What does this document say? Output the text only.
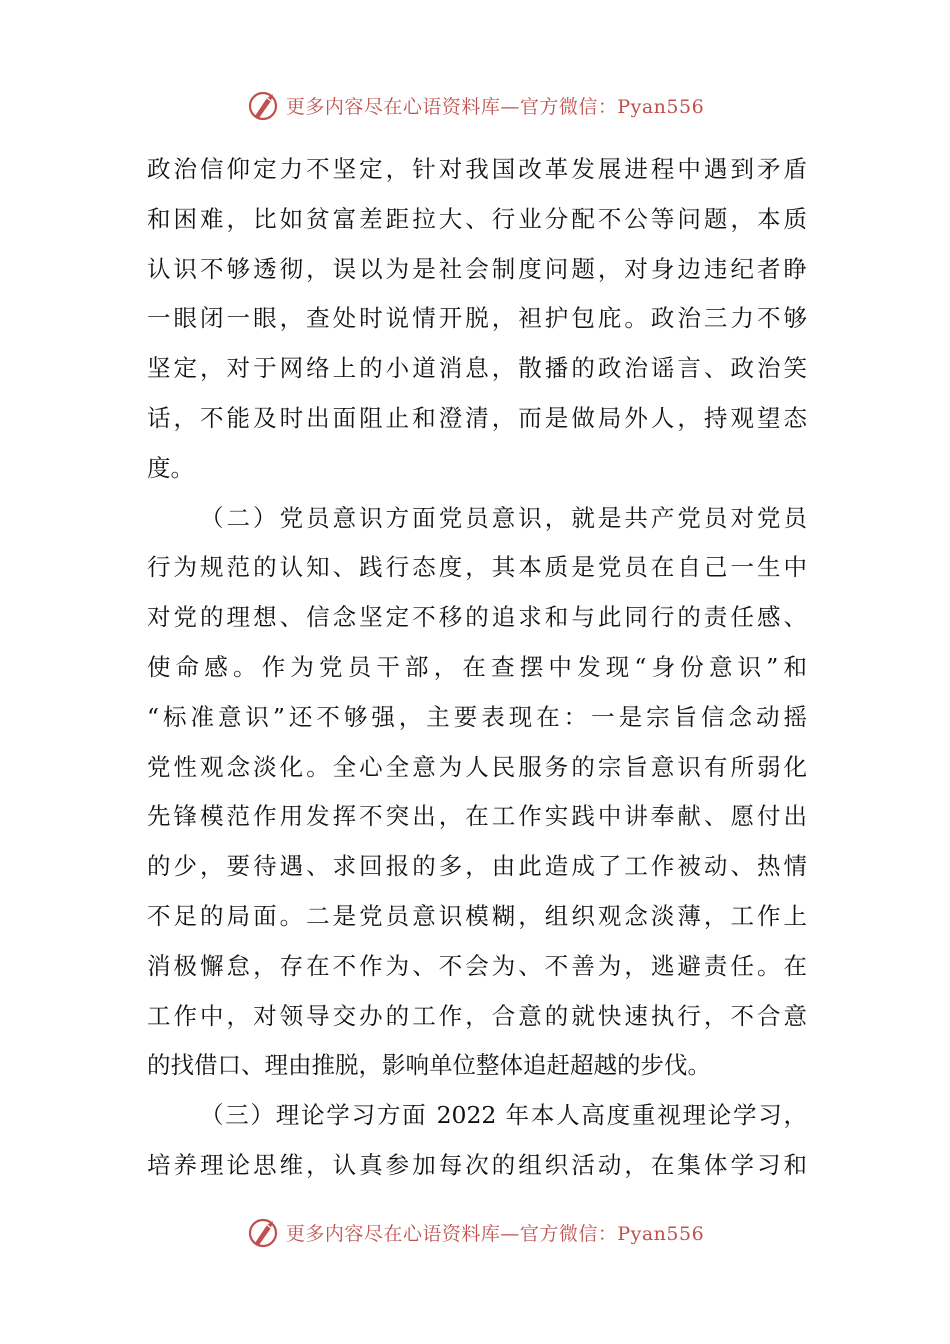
更多内容尽在心语资料库—官方微信：Pyan556
政治信仰定力不坚定，针对我国改革发展进程中遇到矛盾
和困难，比如贫富差距拉大、行业分配不公等问题，本质
认识不够透彻，误以为是社会制度问题，对身边违纪者睁
一眼闭一眼，查处时说情开脱，袒护包庇。政治三力不够
坚定，对于网络上的小道消息，散播的政治谣言、政治笑
话，不能及时出面阻止和澄清，而是做局外人，持观望态
度。
（二）党员意识方面党员意识，就是共产党员对党员
行为规范的认知、践行态度，其本质是党员在自己一生中
对党的理想、信念坚定不移的追求和与此同行的责任感、
使命感。作为党员干部，在查摆中发现“身份意识”和
“标准意识”还不够强，主要表现在：一是宗旨信念动摇
党性观念淡化。全心全意为人民服务的宗旨意识有所弱化
先锋模范作用发挥不突出，在工作实践中讲奉献、愿付出
的少，要待遇、求回报的多，由此造成了工作被动、热情
不足的局面。二是党员意识模糊，组织观念淡薄，工作上
消极懈怠，存在不作为、不会为、不善为，逃避责任。在
工作中，对领导交办的工作，合意的就快速执行，不合意
的找借口、理由推脱，影响单位整体追赶超越的步伐。
（三）理论学习方面 2022 年本人高度重视理论学习，
培养理论思维，认真参加每次的组织活动，在集体学习和
更多内容尽在心语资料库—官方微信：Pyan556
